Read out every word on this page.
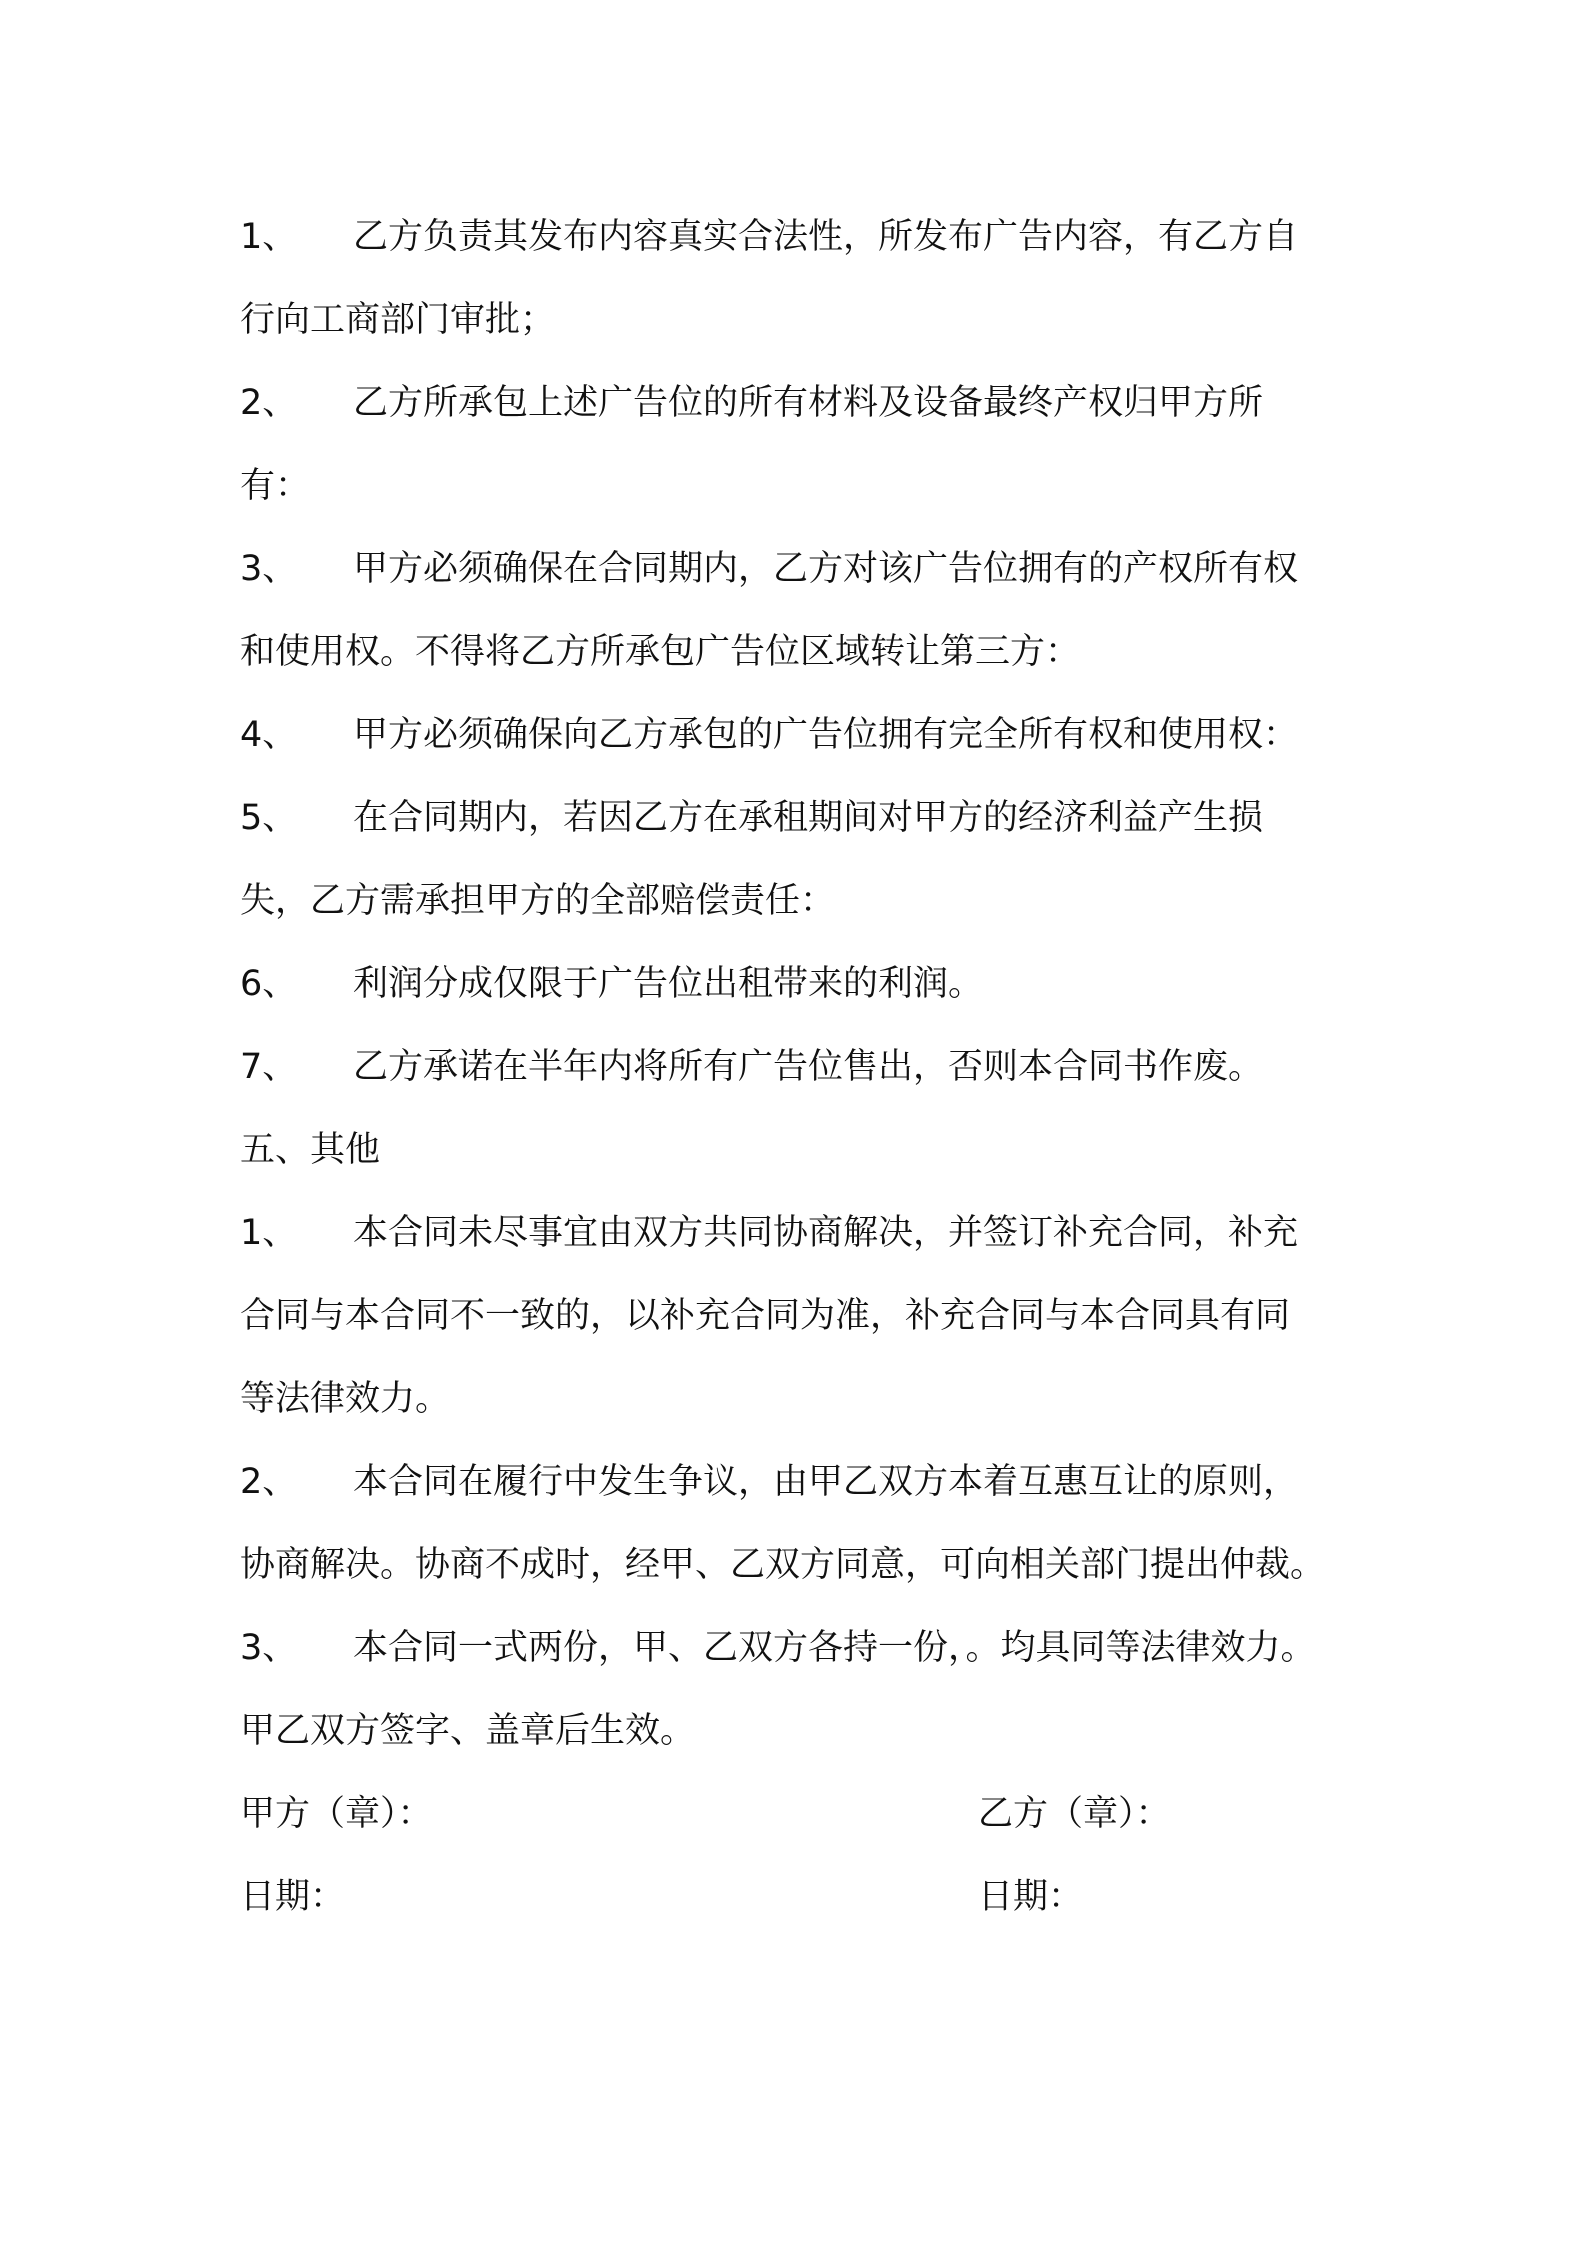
1、 乙方负责其发布内容真实合法性，所发布广告内容，有乙方自
行向工商部门审批；
2、 乙方所承包上述广告位的所有材料及设备最终产权归甲方所
有：
3、 甲方必须确保在合同期内，乙方对该广告位拥有的产权所有权
和使用权。不得将乙方所承包广告位区域转让第三方：
4、 甲方必须确保向乙方承包的广告位拥有完全所有权和使用权：
5、 在合同期内，若因乙方在承租期间对甲方的经济利益产生损
失，乙方需承担甲方的全部赔偿责任：
6、 利润分成仅限于广告位出租带来的利润。
7、 乙方承诺在半年内将所有广告位售出，否则本合同书作废。
五、其他
1、 本合同未尽事宜由双方共同协商解决，并签订补充合同，补充
合同与本合同不一致的，以补充合同为准，补充合同与本合同具有同
等法律效力。
2、 本合同在履行中发生争议，由甲乙双方本着互惠互让的原则，
协商解决。协商不成时，经甲、乙双方同意，可向相关部门提出仲裁。
3、 本合同一式两份，甲、乙双方各持一份，。均具同等法律效力。
甲乙双方签字、盖章后生效。
甲方（章）：	乙方（章）：
日期：	日期：
